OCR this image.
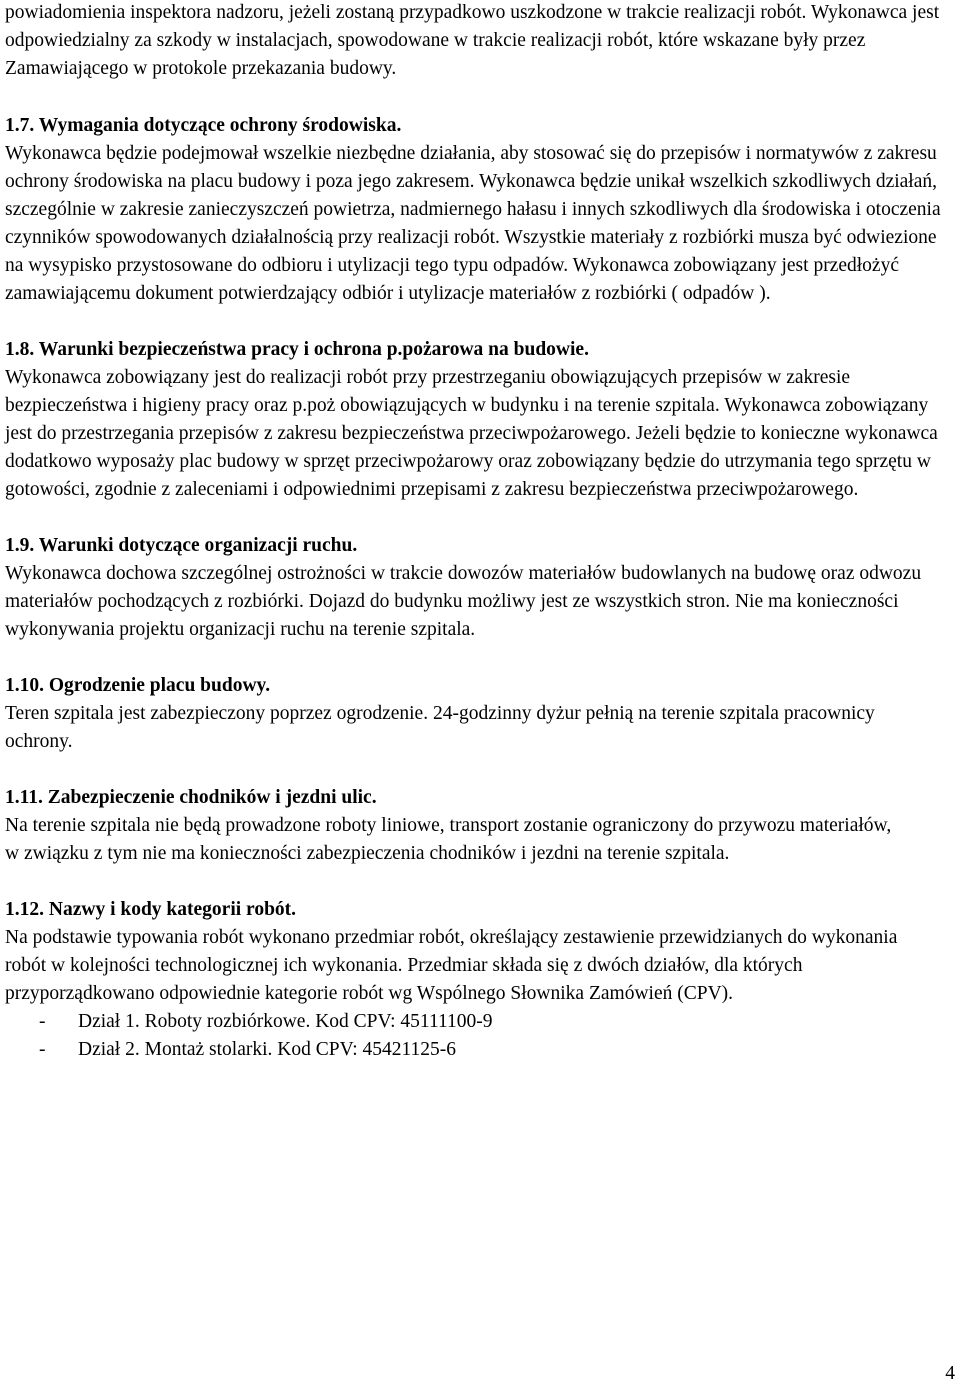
powiadomienia inspektora nadzoru, jeżeli zostaną przypadkowo uszkodzone w trakcie realizacji robót. Wykonawca jest odpowiedzialny za szkody w instalacjach, spowodowane w trakcie realizacji robót, które wskazane były przez Zamawiającego w protokole przekazania budowy.

1.7. Wymagania dotyczące ochrony środowiska.

Wykonawca będzie podejmował wszelkie niezbędne działania, aby stosować się do przepisów i normatywów z zakresu ochrony środowiska na placu budowy i poza jego zakresem. Wykonawca będzie unikał wszelkich szkodliwych działań, szczególnie w zakresie zanieczyszczeń powietrza, nadmiernego hałasu i innych szkodliwych dla środowiska i otoczenia czynników spowodowanych działalnością przy realizacji robót. Wszystkie materiały z rozbiórki musza być odwiezione na wysypisko przystosowane do odbioru i utylizacji tego typu odpadów. Wykonawca zobowiązany jest przedłożyć zamawiającemu dokument potwierdzający odbiór i utylizacje materiałów z rozbiórki ( odpadów ).

1.8. Warunki bezpieczeństwa pracy i ochrona p.pożarowa na budowie.

Wykonawca zobowiązany jest do realizacji robót przy przestrzeganiu obowiązujących przepisów w zakresie bezpieczeństwa i higieny pracy oraz p.poż obowiązujących w budynku i na terenie szpitala. Wykonawca zobowiązany jest do przestrzegania przepisów z zakresu bezpieczeństwa przeciwpożarowego. Jeżeli będzie to konieczne wykonawca dodatkowo wyposaży plac budowy w sprzęt przeciwpożarowy oraz zobowiązany będzie do utrzymania tego sprzętu w gotowości, zgodnie z zaleceniami i odpowiednimi przepisami z zakresu bezpieczeństwa przeciwpożarowego.

1.9. Warunki dotyczące organizacji ruchu.

Wykonawca dochowa szczególnej ostrożności w trakcie dowozów materiałów budowlanych na budowę oraz odwozu materiałów pochodzących z rozbiórki. Dojazd do budynku możliwy jest ze wszystkich stron. Nie ma konieczności wykonywania projektu organizacji ruchu na terenie szpitala.

1.10. Ogrodzenie placu budowy.

Teren szpitala jest zabezpieczony poprzez ogrodzenie. 24-godzinny dyżur pełnią na terenie szpitala pracownicy ochrony.

1.11. Zabezpieczenie chodników i jezdni ulic.

Na terenie szpitala nie będą prowadzone roboty liniowe, transport zostanie ograniczony do przywozu materiałów, w związku z tym nie ma konieczności zabezpieczenia chodników i jezdni na terenie szpitala.

1.12. Nazwy i kody kategorii robót.

Na podstawie typowania robót wykonano przedmiar robót, określający zestawienie przewidzianych do wykonania robót w kolejności technologicznej ich wykonania. Przedmiar składa się z dwóch działów, dla których przyporządkowano odpowiednie kategorie robót wg Wspólnego Słownika Zamówień (CPV).

- Dział 1. Roboty rozbiórkowe. Kod CPV: 45111100-9
- Dział 2. Montaż stolarki. Kod CPV: 45421125-6
4
